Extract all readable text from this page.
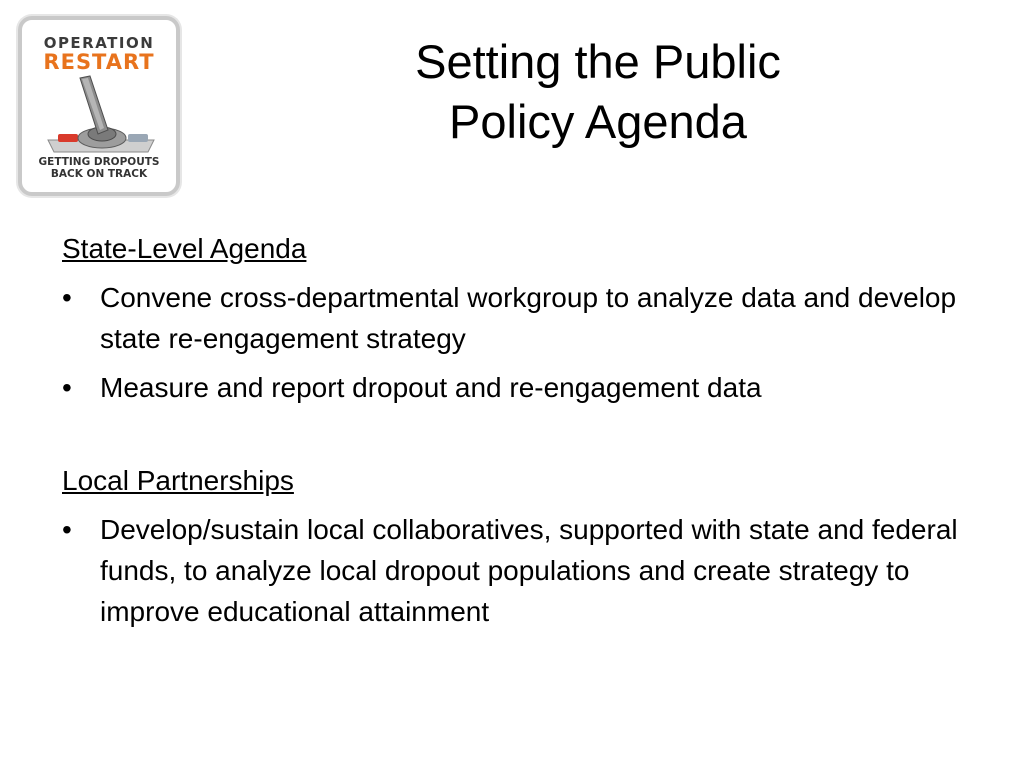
OPERATION
RESTART
GETTING DROPOUTS
BACK ON TRACK
Setting the Public
Policy Agenda
State-Level Agenda
• Convene cross-departmental workgroup to analyze data and develop state re-engagement strategy
• Measure and report dropout and re-engagement data
Local Partnerships
• Develop/sustain local collaboratives, supported with state and federal funds, to analyze local dropout populations and create strategy to improve educational attainment
